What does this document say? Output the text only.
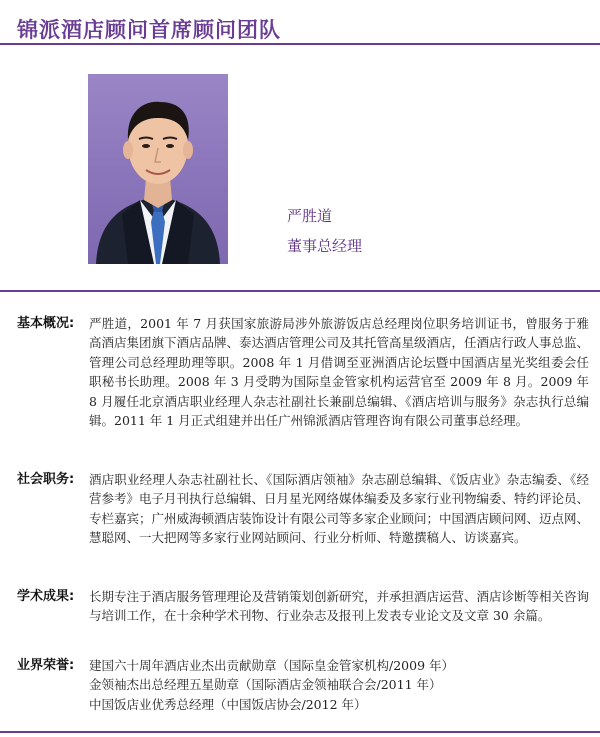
锦派酒店顾问首席顾问团队
严胜道
董事总经理
基本概况:	严胜道，2001 年 7 月获国家旅游局涉外旅游饭店总经理岗位职务培训证书，曾服务于雅高酒店集团旗下酒店品牌、泰达酒店管理公司及其托管高星级酒店，任酒店行政人事总监、管理公司总经理助理等职。2008 年 1 月借调至亚洲酒店论坛暨中国酒店星光奖组委会任职秘书长助理。2008 年 3 月受聘为国际皇金管家机构运营官至 2009 年 8 月。2009 年 8 月履任北京酒店职业经理人杂志社副社长兼副总编辑、《酒店培训与服务》杂志执行总编辑。2011 年 1 月正式组建并出任广州锦派酒店管理咨询有限公司董事总经理。
社会职务:	酒店职业经理人杂志社副社长、《国际酒店领袖》杂志副总编辑、《饭店业》杂志编委、《经营参考》电子月刊执行总编辑、日月星光网络媒体编委及多家行业刊物编委、特约评论员、专栏嘉宾；广州威海顿酒店装饰设计有限公司等多家企业顾问；中国酒店顾问网、迈点网、慧聪网、一大把网等多家行业网站顾问、行业分析师、特邀撰稿人、访谈嘉宾。
学术成果:	长期专注于酒店服务管理理论及营销策划创新研究，并承担酒店运营、酒店诊断等相关咨询与培训工作，在十余种学术刊物、行业杂志及报刊上发表专业论文及文章 30 余篇。
业界荣誉:	建国六十周年酒店业杰出贡献勋章（国际皇金管家机构/2009 年）
金领袖杰出总经理五星勋章（国际酒店金领袖联合会/2011 年）
中国饭店业优秀总经理（中国饭店协会/2012 年）
